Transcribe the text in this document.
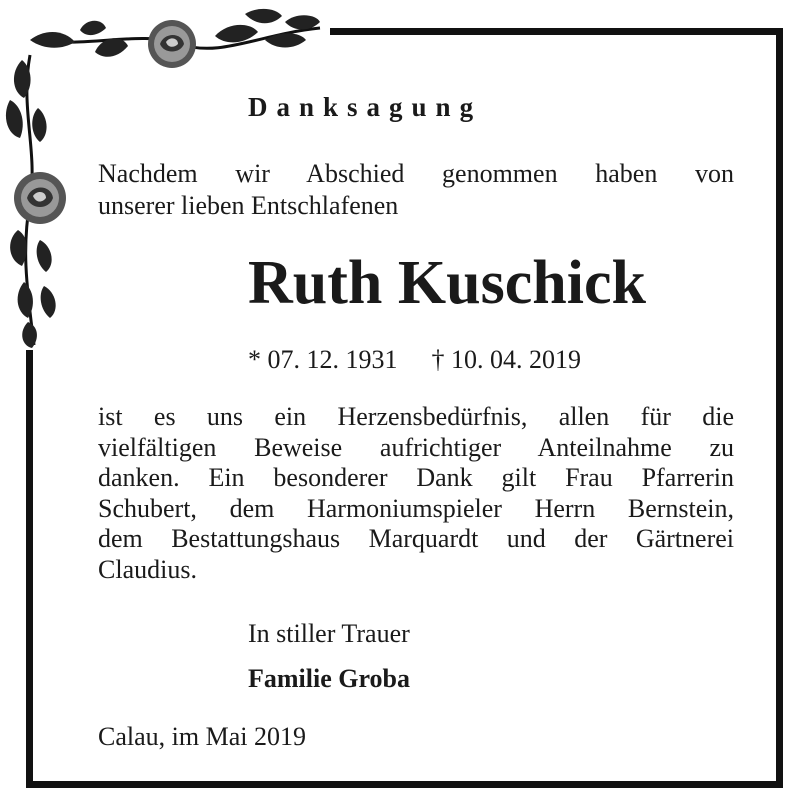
Danksagung
Nachdem wir Abschied genommen haben von
unserer lieben Entschlafenen
Ruth Kuschick
* 07. 12. 1931 † 10. 04. 2019
ist es uns ein Herzensbedürfnis, allen für die
vielfältigen Beweise aufrichtiger Anteilnahme zu
danken. Ein besonderer Dank gilt Frau Pfarrerin
Schubert, dem Harmoniumspieler Herrn Bernstein,
dem Bestattungshaus Marquardt und der Gärtnerei
Claudius.
In stiller Trauer
Familie Groba
Calau, im Mai 2019
